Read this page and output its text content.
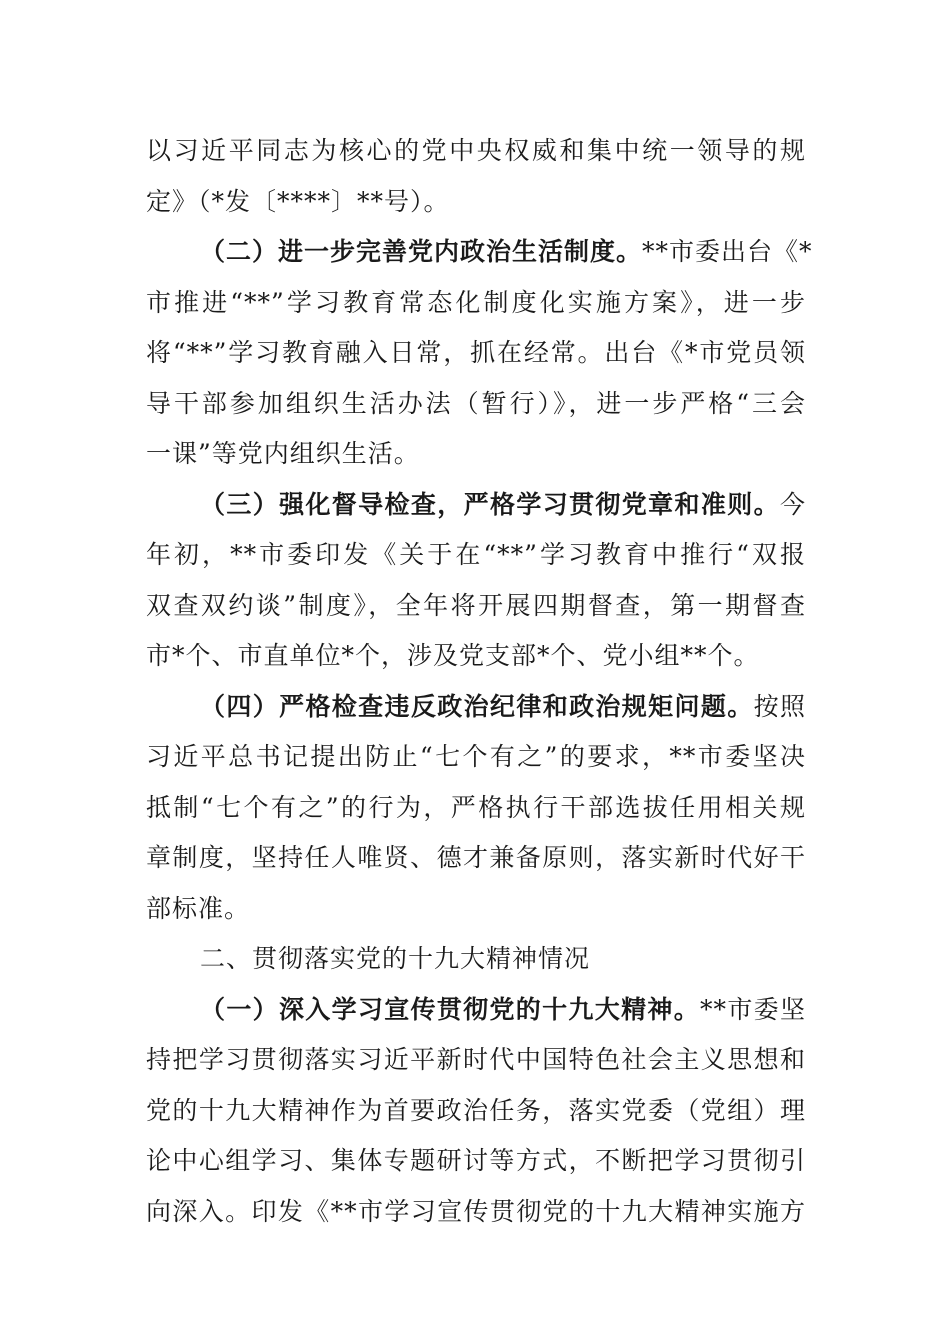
以习近平同志为核心的党中央权威和集中统一领导的规
定》（*发〔****〕**号）。
（二）进一步完善党内政治生活制度。**市委出台《*
市推进“**”学习教育常态化制度化实施方案》，进一步
将“**”学习教育融入日常，抓在经常。出台《*市党员领
导干部参加组织生活办法（暂行）》，进一步严格“三会
一课”等党内组织生活。
（三）强化督导检查，严格学习贯彻党章和准则。今
年初，**市委印发《关于在“**”学习教育中推行“双报
双查双约谈”制度》，全年将开展四期督查，第一期督查
市*个、市直单位*个，涉及党支部*个、党小组**个。
（四）严格检查违反政治纪律和政治规矩问题。按照
习近平总书记提出防止“七个有之”的要求，**市委坚决
抵制“七个有之”的行为，严格执行干部选拔任用相关规
章制度，坚持任人唯贤、德才兼备原则，落实新时代好干
部标准。
二、贯彻落实党的十九大精神情况
（一）深入学习宣传贯彻党的十九大精神。**市委坚
持把学习贯彻落实习近平新时代中国特色社会主义思想和
党的十九大精神作为首要政治任务，落实党委（党组）理
论中心组学习、集体专题研讨等方式，不断把学习贯彻引
向深入。印发《**市学习宣传贯彻党的十九大精神实施方
